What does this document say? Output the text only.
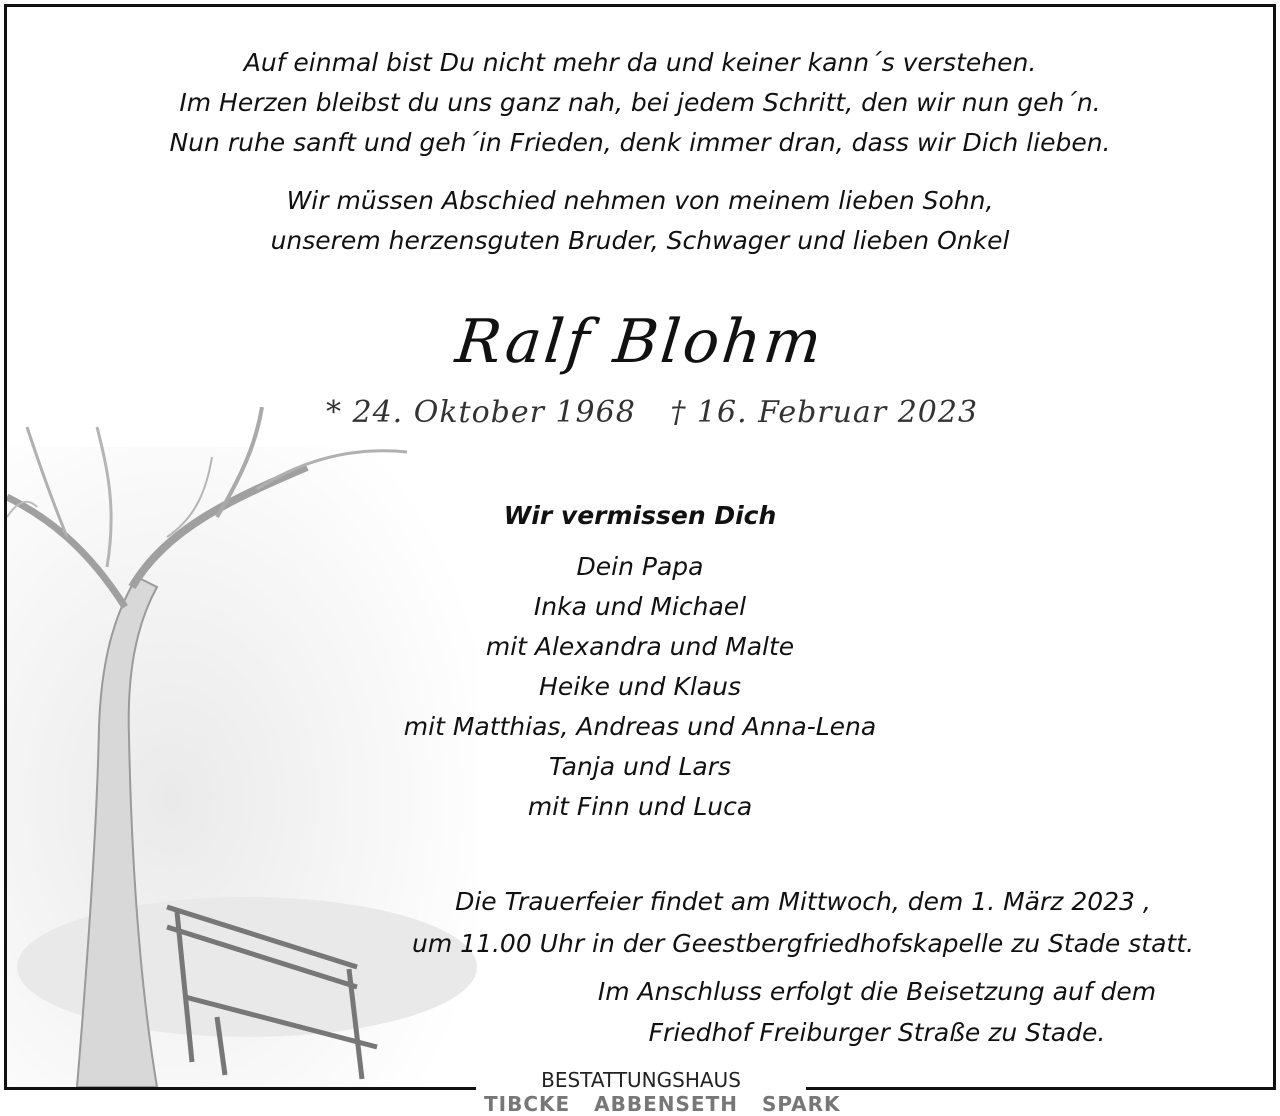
Auf einmal bist Du nicht mehr da und keiner kann´s verstehen.
Im Herzen bleibst du uns ganz nah, bei jedem Schritt, den wir nun geh´n.
Nun ruhe sanft und geh´in Frieden, denk immer dran, dass wir Dich lieben.
Wir müssen Abschied nehmen von meinem lieben Sohn,
unserem herzensguten Bruder, Schwager und lieben Onkel
Ralf Blohm
* 24. Oktober 1968 † 16. Februar 2023
Wir vermissen Dich
Dein Papa
Inka und Michael
mit Alexandra und Malte
Heike und Klaus
mit Matthias, Andreas und Anna-Lena
Tanja und Lars
mit Finn und Luca
Die Trauerfeier findet am Mittwoch, dem 1. März 2023 ,
um 11.00 Uhr in der Geestbergfriedhofskapelle zu Stade statt.
Im Anschluss erfolgt die Beisetzung auf dem
Friedhof Freiburger Straße zu Stade.
BESTATTUNGSHAUS
TIBCKE ABBENSETH SPARK
